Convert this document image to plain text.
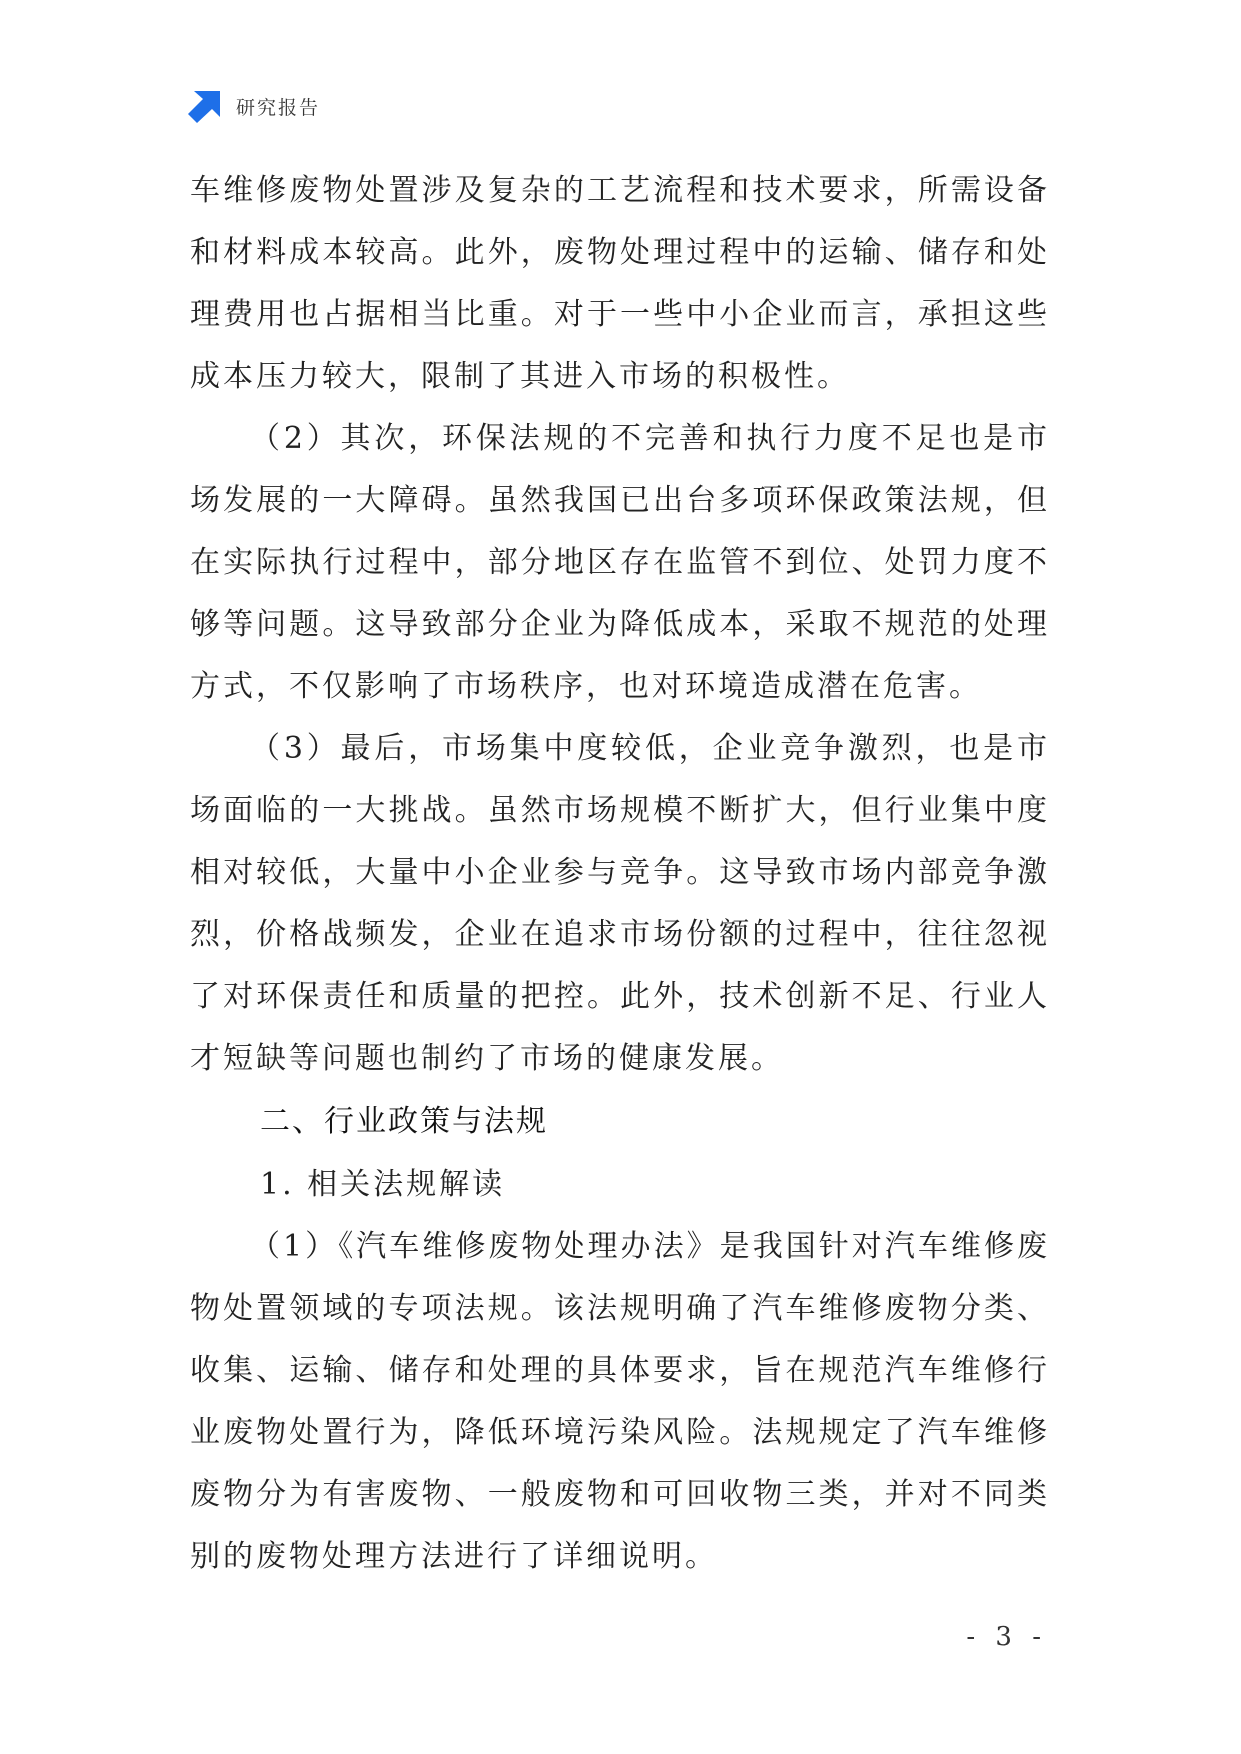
研究报告

车维修废物处置涉及复杂的工艺流程和技术要求，所需设备和材料成本较高。此外，废物处理过程中的运输、储存和处理费用也占据相当比重。对于一些中小企业而言，承担这些成本压力较大，限制了其进入市场的积极性。

（2）其次，环保法规的不完善和执行力度不足也是市场发展的一大障碍。虽然我国已出台多项环保政策法规，但在实际执行过程中，部分地区存在监管不到位、处罚力度不够等问题。这导致部分企业为降低成本，采取不规范的处理方式，不仅影响了市场秩序，也对环境造成潜在危害。

（3）最后，市场集中度较低，企业竞争激烈，也是市场面临的一大挑战。虽然市场规模不断扩大，但行业集中度相对较低，大量中小企业参与竞争。这导致市场内部竞争激烈，价格战频发，企业在追求市场份额的过程中，往往忽视了对环保责任和质量的把控。此外，技术创新不足、行业人才短缺等问题也制约了市场的健康发展。

二、行业政策与法规
1. 相关法规解读

（1）《汽车维修废物处理办法》是我国针对汽车维修废物处置领域的专项法规。该法规明确了汽车维修废物分类、收集、运输、储存和处理的具体要求，旨在规范汽车维修行业废物处置行为，降低环境污染风险。法规规定了汽车维修废物分为有害废物、一般废物和可回收物三类，并对不同类别的废物处理方法进行了详细说明。

- 3 -
